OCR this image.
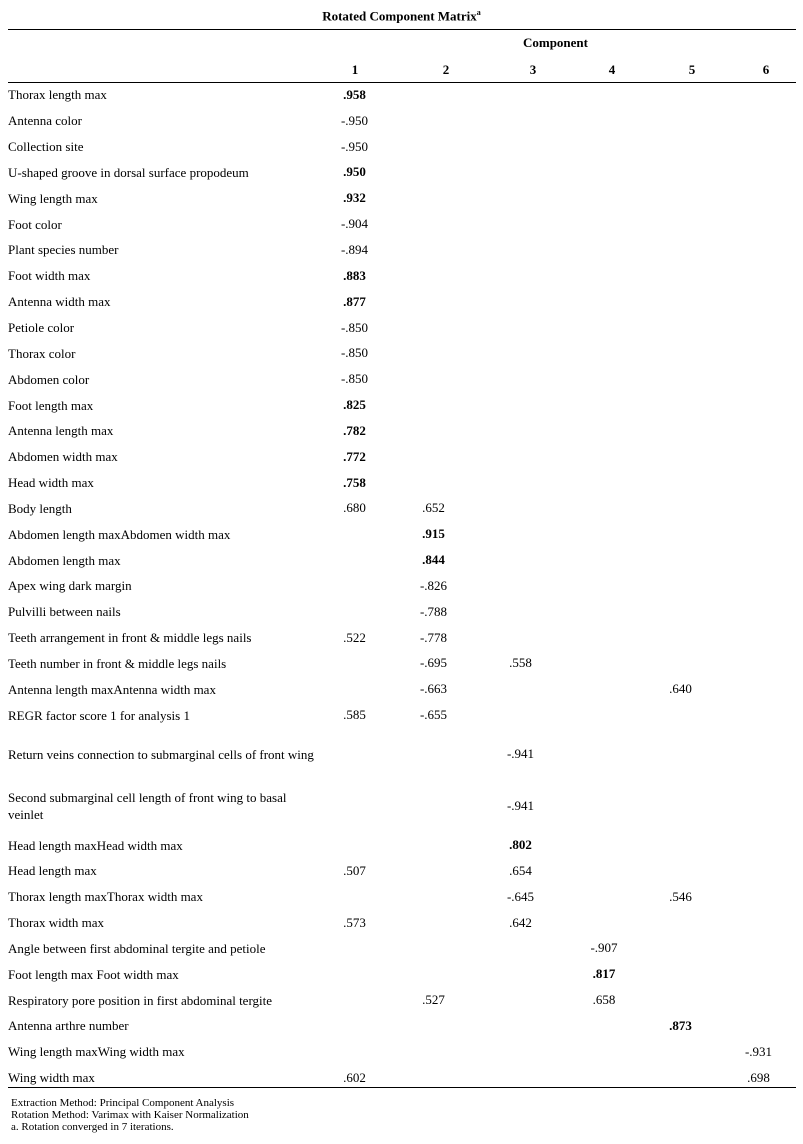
Rotated Component Matrix$^a$
Component
1	2	3	4	5	6
Thorax length max	.958					
Antenna color	-.950					
Collection site	-.950					
U-shaped groove in dorsal surface propodeum	.950					
Wing length max	.932					
Foot color	-.904					
Plant species number	-.894					
Foot width max	.883					
Antenna width max	.877					
Petiole color	-.850					
Thorax color	-.850					
Abdomen color	-.850					
Foot length max	.825					
Antenna length max	.782					
Abdomen width max	.772					
Head width max	.758					
Body length	.680	.652				
Abdomen length maxAbdomen width max		.915				
Abdomen length max		.844				
Apex wing dark margin		-.826				
Pulvilli between nails		-.788				
Teeth arrangement in front & middle legs nails	.522	-.778				
Teeth number in front & middle legs nails		-.695	.558			
Antenna length maxAntenna width max		-.663			.640	
REGR factor score 1 for analysis 1	.585	-.655				
Return veins connection to submarginal cells of front wing			-.941			
Second submarginal cell length of front wing to basal veinlet			-.941			
Head length maxHead width max			.802			
Head length max	.507		.654			
Thorax length maxThorax width max			-.645		.546	
Thorax width max	.573		.642			
Angle between first abdominal tergite and petiole				-.907		
Foot length max Foot width max				.817		
Respiratory pore position in first abdominal tergite		.527		.658		
Antenna arthre number					.873	
Wing length maxWing width max						-.931
Wing width max	.602					.698
Extraction Method: Principal Component Analysis
Rotation Method: Varimax with Kaiser Normalization
a. Rotation converged in 7 iterations.
